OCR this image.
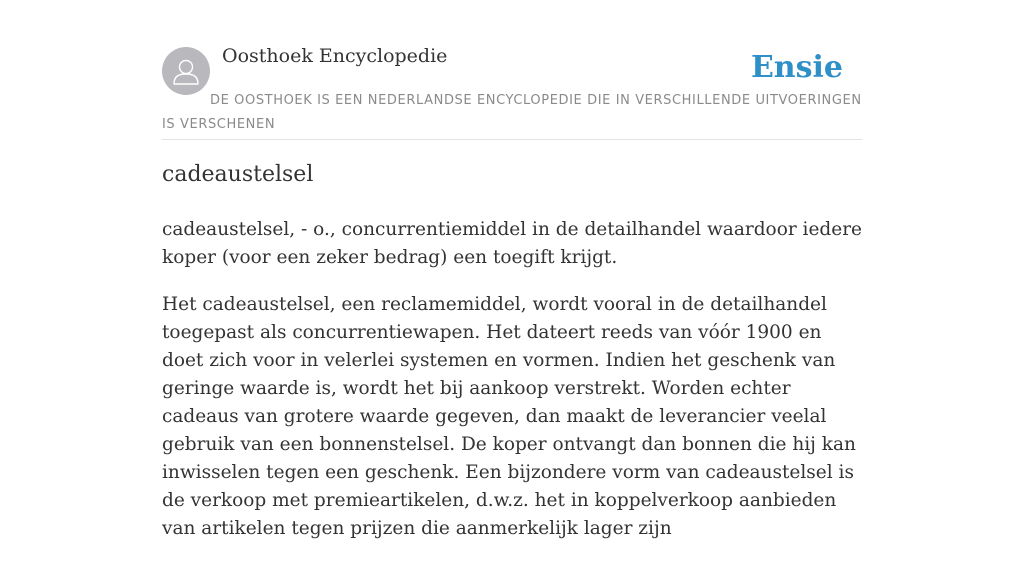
Oosthoek Encyclopedie	Ensie
DE OOSTHOEK IS EEN NEDERLANDSE ENCYCLOPEDIE DIE IN VERSCHILLENDE UITVOERINGEN IS VERSCHENEN
cadeaustelsel

cadeaustelsel, - o., concurrentiemiddel in de detailhandel waardoor iedere koper (voor een zeker bedrag) een toegift krijgt.

Het cadeaustelsel, een reclamemiddel, wordt vooral in de detailhandel toegepast als concurrentiewapen. Het dateert reeds van vóór 1900 en doet zich voor in velerlei systemen en vormen. Indien het geschenk van geringe waarde is, wordt het bij aankoop verstrekt. Worden echter cadeaus van grotere waarde gegeven, dan maakt de leverancier veelal gebruik van een bonnenstelsel. De koper ontvangt dan bonnen die hij kan inwisselen tegen een geschenk. Een bijzondere vorm van cadeaustelsel is de verkoop met premieartikelen, d.w.z. het in koppelverkoop aanbieden van artikelen tegen prijzen die aanmerkelijk lager zijn
